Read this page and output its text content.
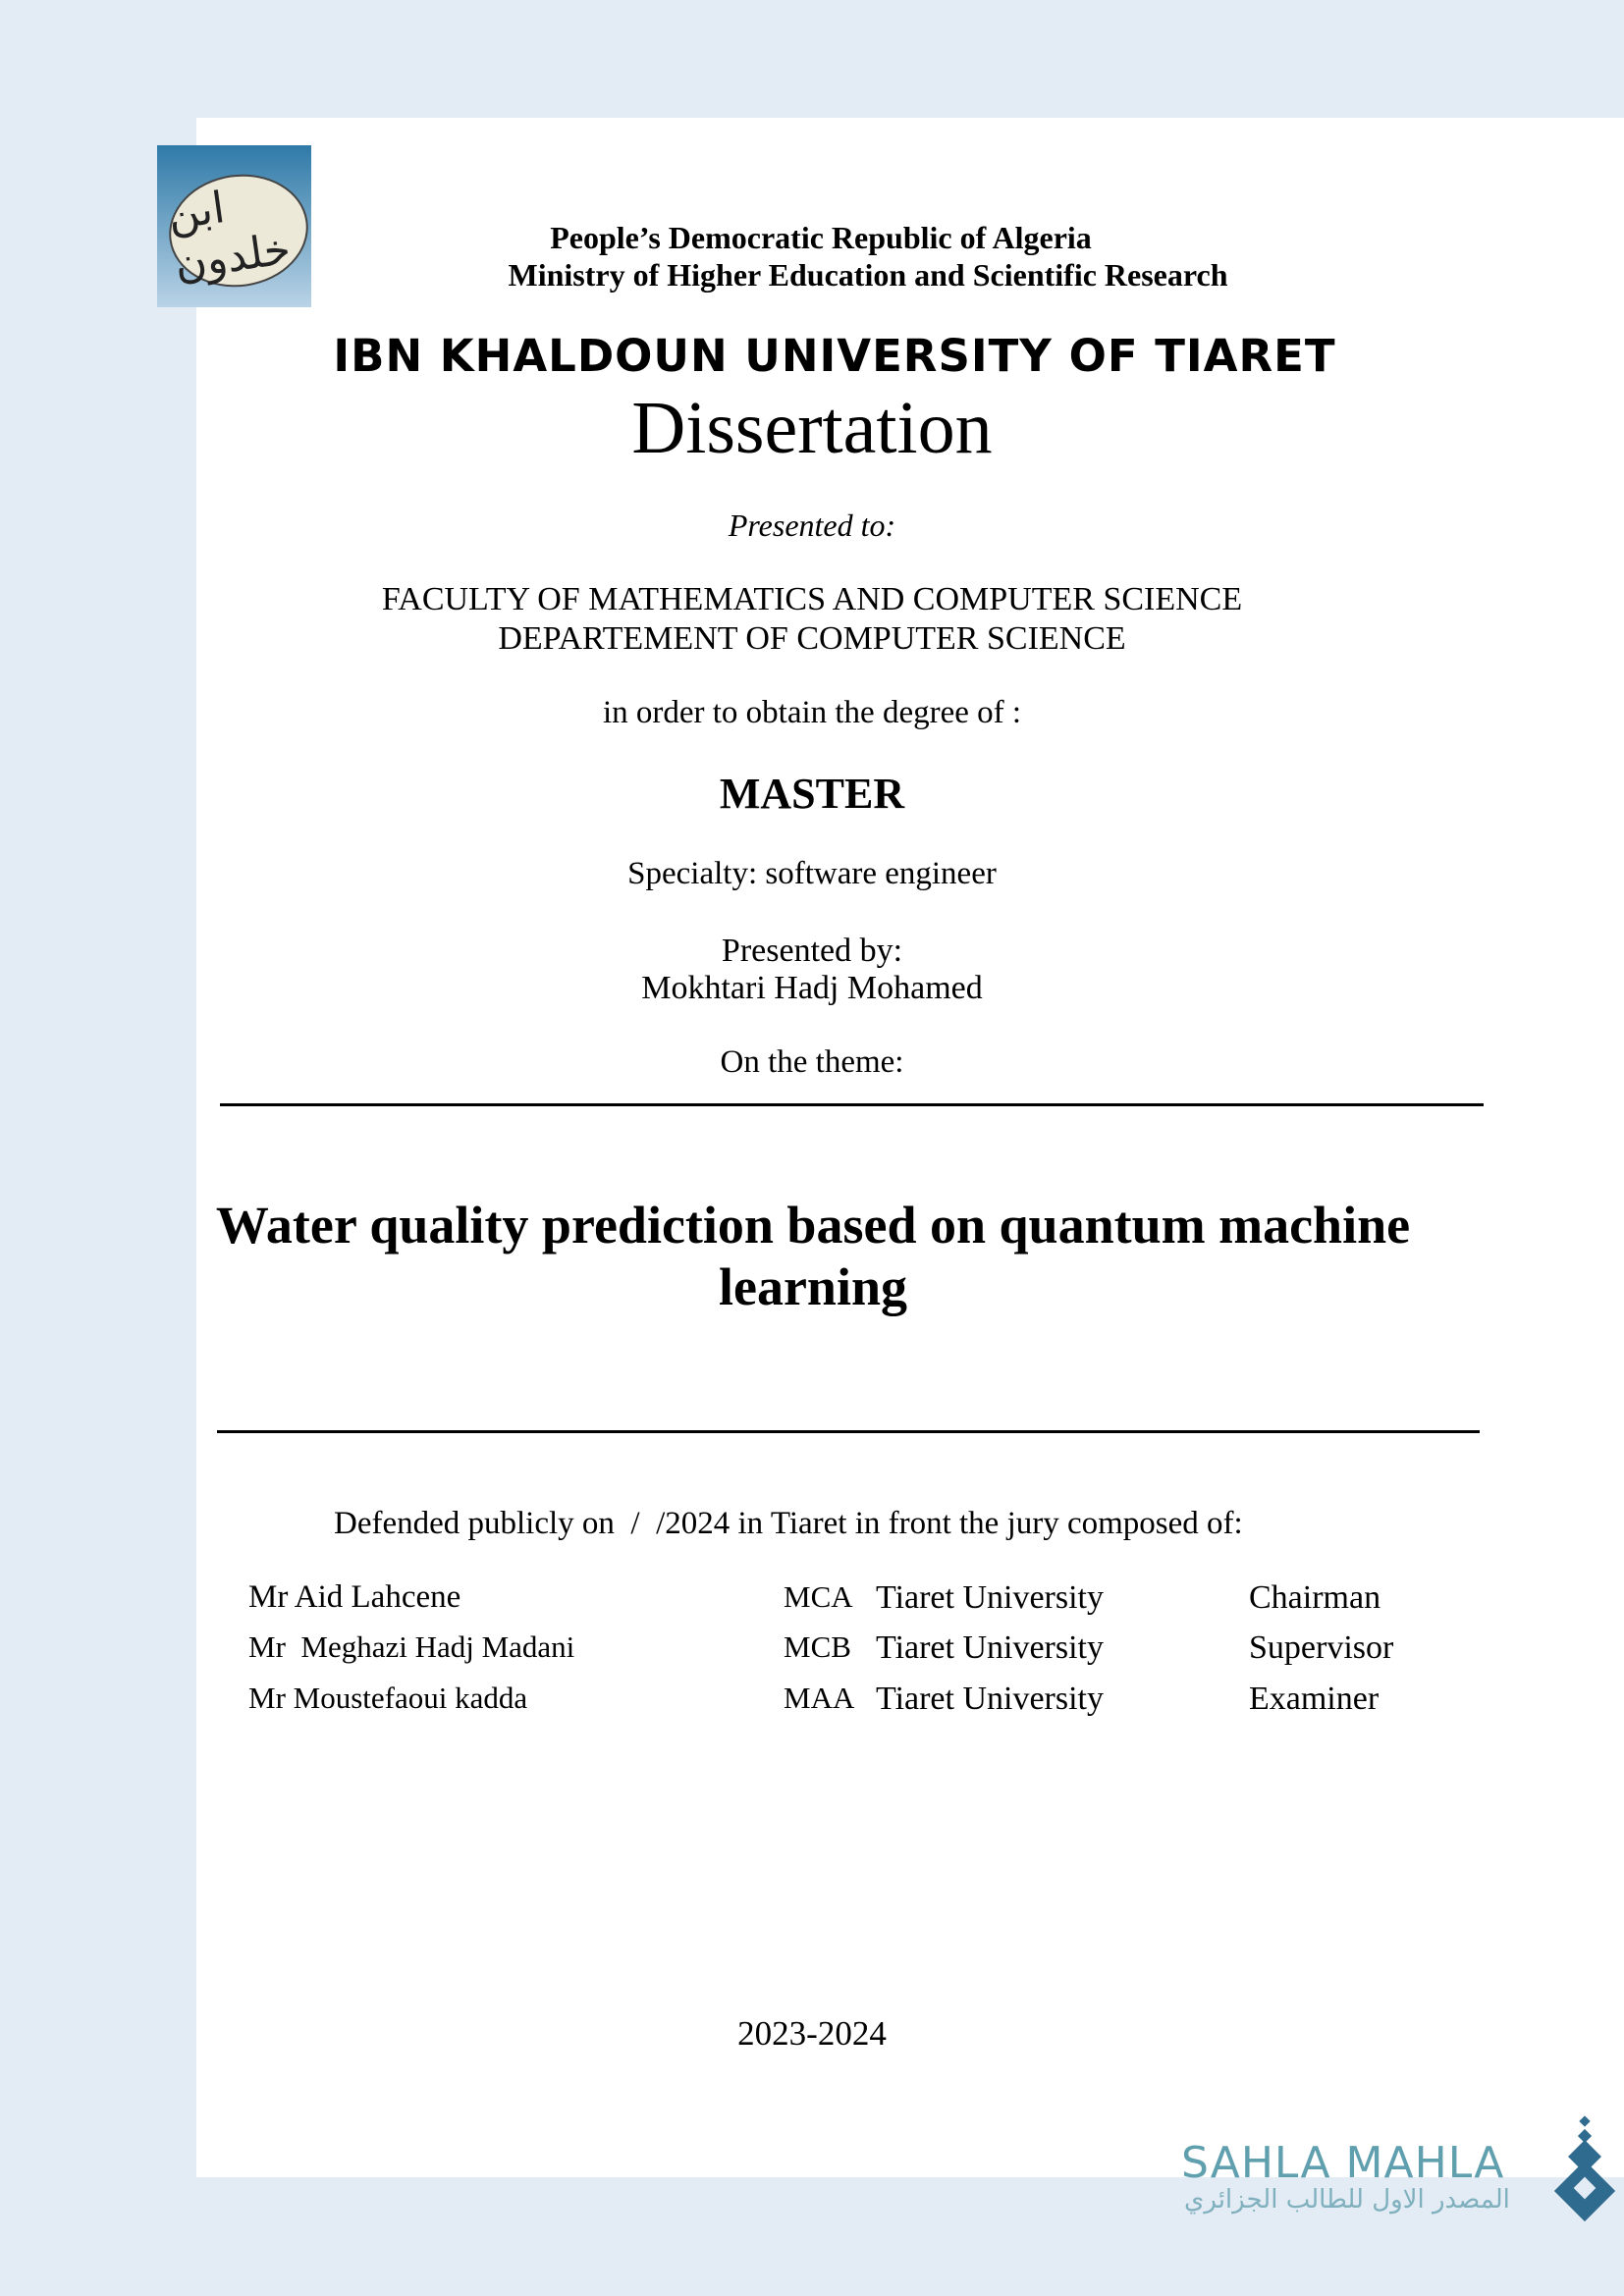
ابن خلدون	People’s Democratic Republic of Algeria
Ministry of Higher Education and Scientific Research
IBN KHALDOUN UNIVERSITY OF TIARET
Dissertation
Presented to:
FACULTY OF MATHEMATICS AND COMPUTER SCIENCE
DEPARTEMENT OF COMPUTER SCIENCE
in order to obtain the degree of :
MASTER
Specialty: software engineer
Presented by:
Mokhtari Hadj Mohamed
On the theme:
Water quality prediction based on quantum machine
learning
Defended publicly on  /  /2024 in Tiaret in front the jury composed of:
Mr Aid Lahcene	MCA Tiaret University	Chairman
Mr  Meghazi Hadj Madani	MCB Tiaret University	Supervisor
Mr Moustefaoui kadda	MAA Tiaret University	Examiner
2023-2024
SAHLA MAHLA
المصدر الاول للطالب الجزائري
